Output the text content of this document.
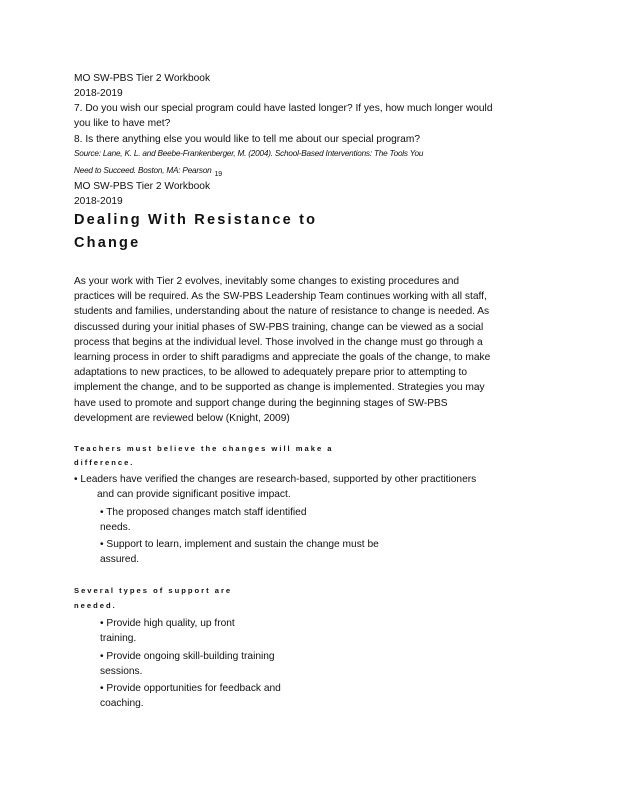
MO SW-PBS Tier 2 Workbook
2018-2019
7. Do you wish our special program could have lasted longer? If yes, how much longer would
you like to have met?
8. Is there anything else you would like to tell me about our special program?
Source: Lane, K. L. and Beebe-Frankenberger, M. (2004). School-Based Interventions: The Tools You
Need to Succeed. Boston, MA: Pearson 19
MO SW-PBS Tier 2 Workbook
2018-2019
Dealing With Resistance to
Change
As your work with Tier 2 evolves, inevitably some changes to existing procedures and
practices will be required. As the SW-PBS Leadership Team continues working with all staff,
students and families, understanding about the nature of resistance to change is needed. As
discussed during your initial phases of SW-PBS training, change can be viewed as a social
process that begins at the individual level. Those involved in the change must go through a
learning process in order to shift paradigms and appreciate the goals of the change, to make
adaptations to new practices, to be allowed to adequately prepare prior to attempting to
implement the change, and to be supported as change is implemented. Strategies you may
have used to promote and support change during the beginning stages of SW-PBS
development are reviewed below (Knight, 2009)
Teachers must believe the changes will make a
difference.
• Leaders have verified the changes are research-based, supported by other practitioners
and can provide significant positive impact.
• The proposed changes match staff identified
needs.
• Support to learn, implement and sustain the change must be
assured.
Several types of support are
needed.
• Provide high quality, up front
training.
• Provide ongoing skill-building training
sessions.
• Provide opportunities for feedback and
coaching.
